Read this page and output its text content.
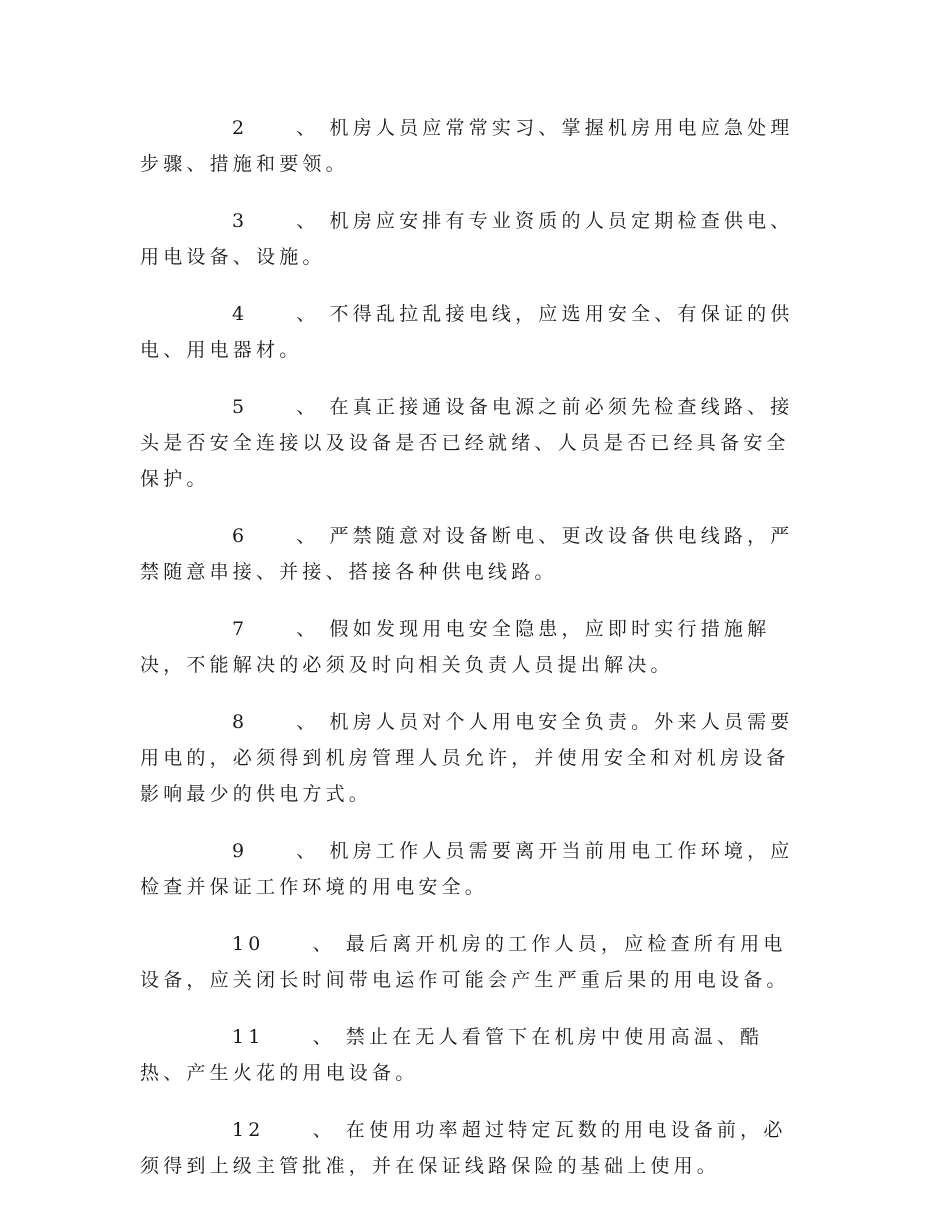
2	、 机房人员应常常实习、掌握机房用电应急处理步骤、措施和要领。

3	、 机房应安排有专业资质的人员定期检查供电、用电设备、设施。

4	、 不得乱拉乱接电线，应选用安全、有保证的供电、用电器材。

5	、 在真正接通设备电源之前必须先检查线路、接头是否安全连接以及设备是否已经就绪、人员是否已经具备安全保护。

6	、 严禁随意对设备断电、更改设备供电线路，严禁随意串接、并接、搭接各种供电线路。

7	、 假如发现用电安全隐患，应即时实行措施解决，不能解决的必须及时向相关负责人员提出解决。

8	、 机房人员对个人用电安全负责。外来人员需要用电的，必须得到机房管理人员允许，并使用安全和对机房设备影响最少的供电方式。

9	、 机房工作人员需要离开当前用电工作环境，应检查并保证工作环境的用电安全。

10	、 最后离开机房的工作人员，应检查所有用电设备，应关闭长时间带电运作可能会产生严重后果的用电设备。

11	、 禁止在无人看管下在机房中使用高温、酷热、产生火花的用电设备。

12	、 在使用功率超过特定瓦数的用电设备前，必须得到上级主管批准，并在保证线路保险的基础上使用。
